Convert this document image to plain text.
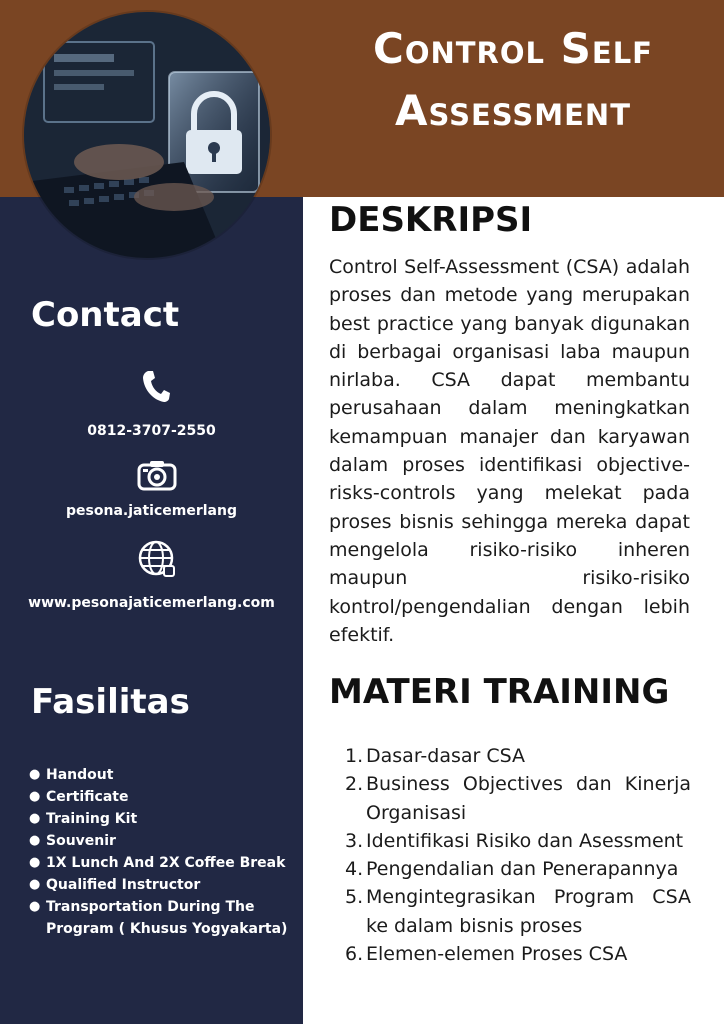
Control Self
Assessment
Contact
0812-3707-2550
pesona.jaticemerlang
www.pesonajaticemerlang.com
Fasilitas
● Handout
● Certificate
● Training Kit
● Souvenir
● 1X Lunch And 2X Coffee Break
● Qualified Instructor
● Transportation During The Program ( Khusus Yogyakarta)
DESKRIPSI

Control Self-Assessment (CSA) adalah proses dan metode yang merupakan best practice yang banyak digunakan di berbagai organisasi laba maupun nirlaba. CSA dapat membantu perusahaan dalam meningkatkan kemampuan manajer dan karyawan dalam proses identifikasi objective-risks-controls yang melekat pada proses bisnis sehingga mereka dapat mengelola risiko-risiko inheren maupun risiko-risiko kontrol/pengendalian dengan lebih efektif.

MATERI TRAINING
1. Dasar-dasar CSA
2. Business Objectives dan Kinerja Organisasi
3. Identifikasi Risiko dan Asessment
4. Pengendalian dan Penerapannya
5. Mengintegrasikan Program CSA ke dalam bisnis proses
6. Elemen-elemen Proses CSA
